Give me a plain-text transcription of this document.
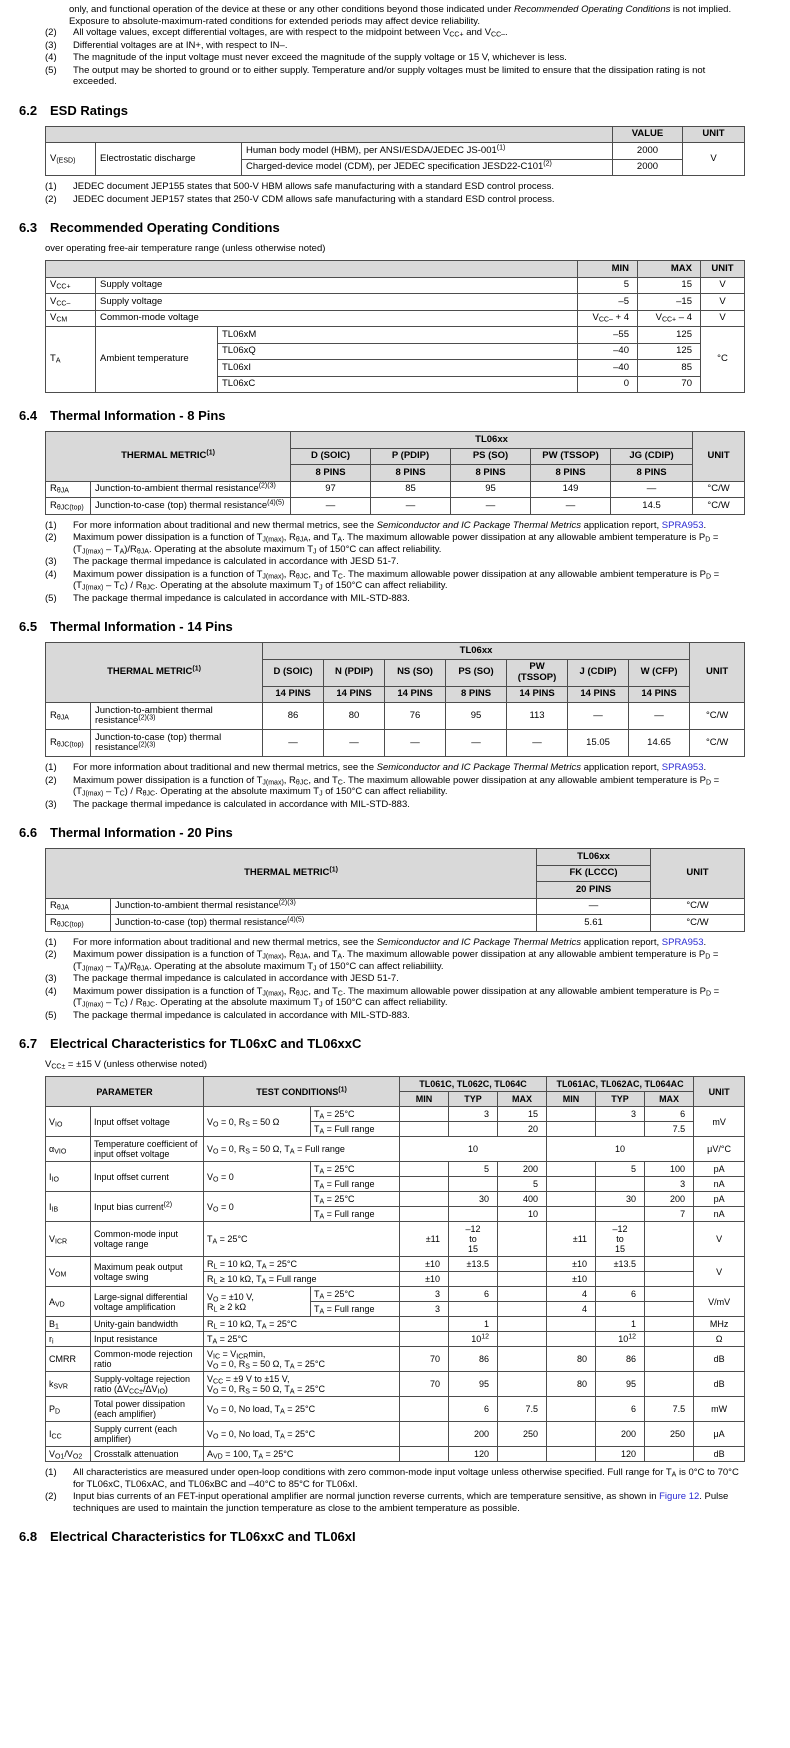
only, and functional operation of the device at these or any other conditions beyond those indicated under Recommended Operating Conditions is not implied. Exposure to absolute-maximum-rated conditions for extended periods may affect device reliability.
(2) All voltage values, except differential voltages, are with respect to the midpoint between $V_{CC+}$ and $V_{CC-}$.
(3) Differential voltages are at IN+, with respect to IN–.
(4) The magnitude of the input voltage must never exceed the magnitude of the supply voltage or 15 V, whichever is less.
(5) The output may be shorted to ground or to either supply. Temperature and/or supply voltages must be limited to ensure that the dissipation rating is not exceeded.
6.2 ESD Ratings
			VALUE	UNIT
$V_{(ESD)}$	Electrostatic discharge	Human body model (HBM), per ANSI/ESDA/JEDEC JS-001$^{(1)}$	2000	V
		Charged-device model (CDM), per JEDEC specification JESD22-C101$^{(2)}$	2000	
(1) JEDEC document JEP155 states that 500-V HBM allows safe manufacturing with a standard ESD control process.
(2) JEDEC document JEP157 states that 250-V CDM allows safe manufacturing with a standard ESD control process.
6.3 Recommended Operating Conditions
over operating free-air temperature range (unless otherwise noted)
			MIN	MAX	UNIT
$V_{CC+}$	Supply voltage		5	15	V
$V_{CC-}$	Supply voltage		–5	–15	V
$V_{CM}$	Common-mode voltage		$V_{CC-} + 4$	$V_{CC+} - 4$	V
$T_A$	Ambient temperature	TL06xM	–55	125	°C
		TL06xQ	–40	125	
		TL06xI	–40	85	
		TL06xC	0	70	
6.4 Thermal Information - 8 Pins
THERMAL METRIC$^{(1)}$		TL06xx					UNIT
		D (SOIC)	P (PDIP)	PS (SO)	PW (TSSOP)	JG (CDIP)	
		8 PINS	8 PINS	8 PINS	8 PINS	8 PINS	
$R_{\theta JA}$	Junction-to-ambient thermal resistance$^{(2)(3)}$	97	85	95	149	—	°C/W
$R_{\theta JC(top)}$	Junction-to-case (top) thermal resistance$^{(4)(5)}$	—	—	—	—	14.5	°C/W
(1) For more information about traditional and new thermal metrics, see the Semiconductor and IC Package Thermal Metrics application report, SPRA953.
(2) Maximum power dissipation is a function of $T_{J(max)}$, $R_{\theta JA}$, and $T_A$. The maximum allowable power dissipation at any allowable ambient temperature is $P_D = (T_{J(max)} - T_A)/R_{\theta JA}$. Operating at the absolute maximum $T_J$ of 150°C can affect reliability.
(3) The package thermal impedance is calculated in accordance with JESD 51-7.
(4) Maximum power dissipation is a function of $T_{J(max)}$, $R_{\theta JC}$, and $T_C$. The maximum allowable power dissipation at any allowable ambient temperature is $P_D = (T_{J(max)} - T_C) / R_{\theta JC}$. Operating at the absolute maximum $T_J$ of 150°C can affect reliability.
(5) The package thermal impedance is calculated in accordance with MIL-STD-883.
6.5 Thermal Information - 14 Pins
THERMAL METRIC$^{(1)}$		TL06xx							UNIT
		D (SOIC)	N (PDIP)	NS (SO)	PS (SO)	PW (TSSOP)	J (CDIP)	W (CFP)	
		14 PINS	14 PINS	14 PINS	8 PINS	14 PINS	14 PINS	14 PINS	
$R_{\theta JA}$	Junction-to-ambient thermal resistance$^{(2)(3)}$	86	80	76	95	113	—	—	°C/W
$R_{\theta JC(top)}$	Junction-to-case (top) thermal resistance$^{(2)(3)}$	—	—	—	—	—	15.05	14.65	°C/W
(1) For more information about traditional and new thermal metrics, see the Semiconductor and IC Package Thermal Metrics application report, SPRA953.
(2) Maximum power dissipation is a function of $T_{J(max)}$, $R_{\theta JC}$, and $T_C$. The maximum allowable power dissipation at any allowable ambient temperature is $P_D = (T_{J(max)} - T_C) / R_{\theta JC}$. Operating at the absolute maximum $T_J$ of 150°C can affect reliability.
(3) The package thermal impedance is calculated in accordance with MIL-STD-883.
6.6 Thermal Information - 20 Pins
THERMAL METRIC$^{(1)}$		TL06xx	UNIT
		FK (LCCC)	
		20 PINS	
$R_{\theta JA}$	Junction-to-ambient thermal resistance$^{(2)(3)}$	—	°C/W
$R_{\theta JC(top)}$	Junction-to-case (top) thermal resistance$^{(4)(5)}$	5.61	°C/W
(1) For more information about traditional and new thermal metrics, see the Semiconductor and IC Package Thermal Metrics application report, SPRA953.
(2) Maximum power dissipation is a function of $T_{J(max)}$, $R_{\theta JA}$, and $T_A$. The maximum allowable power dissipation at any allowable ambient temperature is $P_D = (T_{J(max)} - T_A)/R_{\theta JA}$. Operating at the absolute maximum $T_J$ of 150°C can affect reliabiliity.
(3) The package thermal impedance is calculated in accordance with JESD 51-7.
(4) Maximum power dissipation is a function of $T_{J(max)}$, $R_{\theta JC}$, and $T_C$. The maximum allowable power dissipation at any allowable ambient temperature is $P_D = (T_{J(max)} - T_C) / R_{\theta JC}$. Operating at the absolute maximum $T_J$ of 150°C can affect reliability.
(5) The package thermal impedance is calculated in accordance with MIL-STD-883.
6.7 Electrical Characteristics for TL06xC and TL06xxC
$V_{CC\pm} = \pm 15$ V (unless otherwise noted)
PARAMETER		TEST CONDITIONS$^{(1)}$		TL061C, TL062C, TL064C			TL061AC, TL062AC, TL064AC			UNIT
				MIN	TYP	MAX	MIN	TYP	MAX	
$V_{IO}$	Input offset voltage	$V_O = 0$, $R_S = 50$ Ω	$T_A = 25^\circ C$		3	15		3	6	mV
			$T_A$ = Full range			20			7.5	
$\alpha_{VIO}$	Temperature coefficient of input offset voltage	$V_O = 0$, $R_S = 50$ Ω, $T_A$ = Full range		10			10			μV/°C
$I_{IO}$	Input offset current	$V_O = 0$	$T_A = 25^\circ C$		5	200		5	100	pA
			$T_A$ = Full range			5			3	nA
$I_{IB}$	Input bias current$^{(2)}$	$V_O = 0$	$T_A = 25^\circ C$		30	400		30	200	pA
			$T_A$ = Full range			10			7	nA
$V_{ICR}$	Common-mode input voltage range	$T_A = 25^\circ C$		±11	–12
to
15		±11	–12
to
15		V
$V_{OM}$	Maximum peak output voltage swing	$R_L = 10$ kΩ, $T_A = 25^\circ C$		±10	±13.5		±10	±13.5		V
		$R_L \ge 10$ kΩ, $T_A$ = Full range		±10			±10			
$A_{VD}$	Large-signal differential voltage amplification	$V_O = \pm 10$ V,
$R_L \ge 2$ kΩ	$T_A = 25^\circ C$	3	6		4	6		V/mV
			$T_A$ = Full range	3			4			
$B_1$	Unity-gain bandwidth	$R_L = 10$ kΩ, $T_A = 25^\circ C$			1			1		MHz
$r_i$	Input resistance	$T_A = 25^\circ C$			$10^{12}$			$10^{12}$		Ω
CMRR	Common-mode rejection ratio	$V_{IC} = V_{ICR}\min$,
$V_O = 0$, $R_S = 50$ Ω, $T_A = 25^\circ C$		70	86		80	86		dB
$k_{SVR}$	Supply-voltage rejection ratio $(\Delta V_{CC\pm}/\Delta V_{IO})$	$V_{CC} = \pm 9$ V to ±15 V,
$V_O = 0$, $R_S = 50$ Ω, $T_A = 25^\circ C$		70	95		80	95		dB
$P_D$	Total power dissipation (each amplifier)	$V_O = 0$, No load, $T_A = 25^\circ C$			6	7.5		6	7.5	mW
$I_{CC}$	Supply current (each amplifier)	$V_O = 0$, No load, $T_A = 25^\circ C$			200	250		200	250	μA
$V_{O1}/V_{O2}$	Crosstalk attenuation	$A_{VD} = 100$, $T_A = 25^\circ C$			120			120		dB
(1) All characteristics are measured under open-loop conditions with zero common-mode input voltage unless otherwise specified. Full range for $T_A$ is 0°C to 70°C for TL06xC, TL06xAC, and TL06xBC and –40°C to 85°C for TL06xI.
(2) Input bias currents of an FET-input operational amplifier are normal junction reverse currents, which are temperature sensitive, as shown in Figure 12. Pulse techniques are used to maintain the junction temperature as close to the ambient temperature as possible.
6.8 Electrical Characteristics for TL06xxC and TL06xI
